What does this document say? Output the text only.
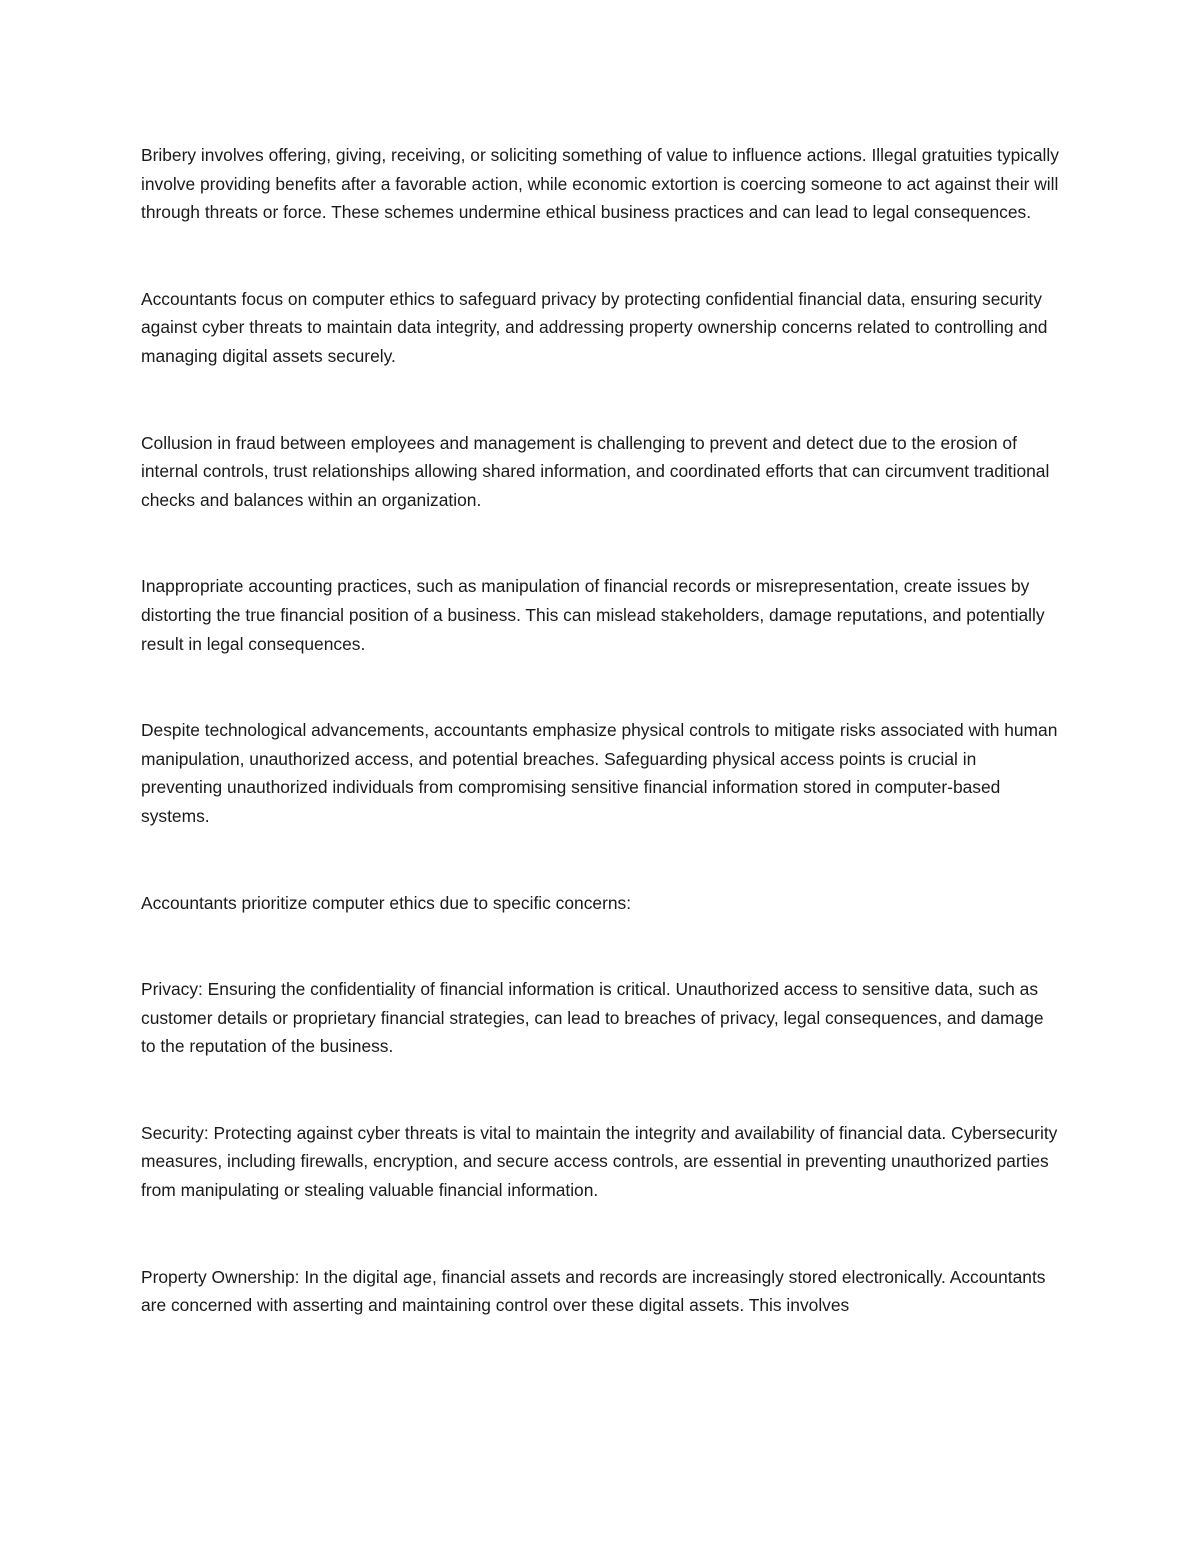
Bribery involves offering, giving, receiving, or soliciting something of value to influence actions. Illegal gratuities typically involve providing benefits after a favorable action, while economic extortion is coercing someone to act against their will through threats or force. These schemes undermine ethical business practices and can lead to legal consequences.

Accountants focus on computer ethics to safeguard privacy by protecting confidential financial data, ensuring security against cyber threats to maintain data integrity, and addressing property ownership concerns related to controlling and managing digital assets securely.

Collusion in fraud between employees and management is challenging to prevent and detect due to the erosion of internal controls, trust relationships allowing shared information, and coordinated efforts that can circumvent traditional checks and balances within an organization.

Inappropriate accounting practices, such as manipulation of financial records or misrepresentation, create issues by distorting the true financial position of a business. This can mislead stakeholders, damage reputations, and potentially result in legal consequences.

Despite technological advancements, accountants emphasize physical controls to mitigate risks associated with human manipulation, unauthorized access, and potential breaches. Safeguarding physical access points is crucial in preventing unauthorized individuals from compromising sensitive financial information stored in computer-based systems.

Accountants prioritize computer ethics due to specific concerns:

Privacy: Ensuring the confidentiality of financial information is critical. Unauthorized access to sensitive data, such as customer details or proprietary financial strategies, can lead to breaches of privacy, legal consequences, and damage to the reputation of the business.

Security: Protecting against cyber threats is vital to maintain the integrity and availability of financial data. Cybersecurity measures, including firewalls, encryption, and secure access controls, are essential in preventing unauthorized parties from manipulating or stealing valuable financial information.

Property Ownership: In the digital age, financial assets and records are increasingly stored electronically. Accountants are concerned with asserting and maintaining control over these digital assets. This involves
